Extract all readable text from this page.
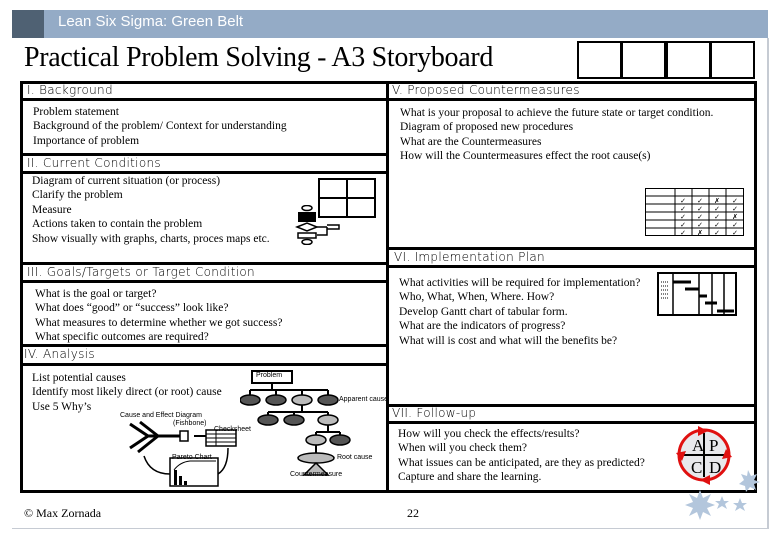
Lean Six Sigma: Green Belt
Practical Problem Solving - A3 Storyboard
I. Background
Problem statement
Background of the problem/ Context for understanding
Importance of problem
II. Current Conditions
Diagram of current situation (or process)
Clarify the problem
Measure
Actions taken to contain the problem
Show visually with graphs, charts, proces maps etc.
III. Goals/Targets or Target Condition
What is the goal or target?
What does “good” or “success” look like?
What measures to determine whether we got success?
What specific outcomes are required?
IV. Analysis
List potential causes
Identify most likely direct (or root) cause
Use 5 Why’s
Problem
Apparent cause
Root cause
Countermeasure
Cause and Effect Diagram
(Fishbone)
Checksheet
Pareto Chart
V. Proposed Countermeasures
What is your proposal to achieve the future state or target condition.
Diagram of proposed new procedures
What are the Countermeasures
How will the Countermeasures effect the root cause(s)
✓ ✓ ✗ ✓
✓ ✓ ✓ ✓
✓ ✓ ✓ ✗
✓ ✓ ✓ ✓
✓ ✗ ✓ ✓
VI. Implementation Plan
What activities will be required for implementation?
Who, What, When, Where. How?
Develop Gantt chart of tabular form.
What are the indicators of progress?
What will is cost and what will the benefits be?
VII. Follow-up
How will you check the effects/results?
When will you check them?
What issues can be anticipated, are they as predicted?
Capture and share the learning.
A P
C D
© Max Zornada	22
